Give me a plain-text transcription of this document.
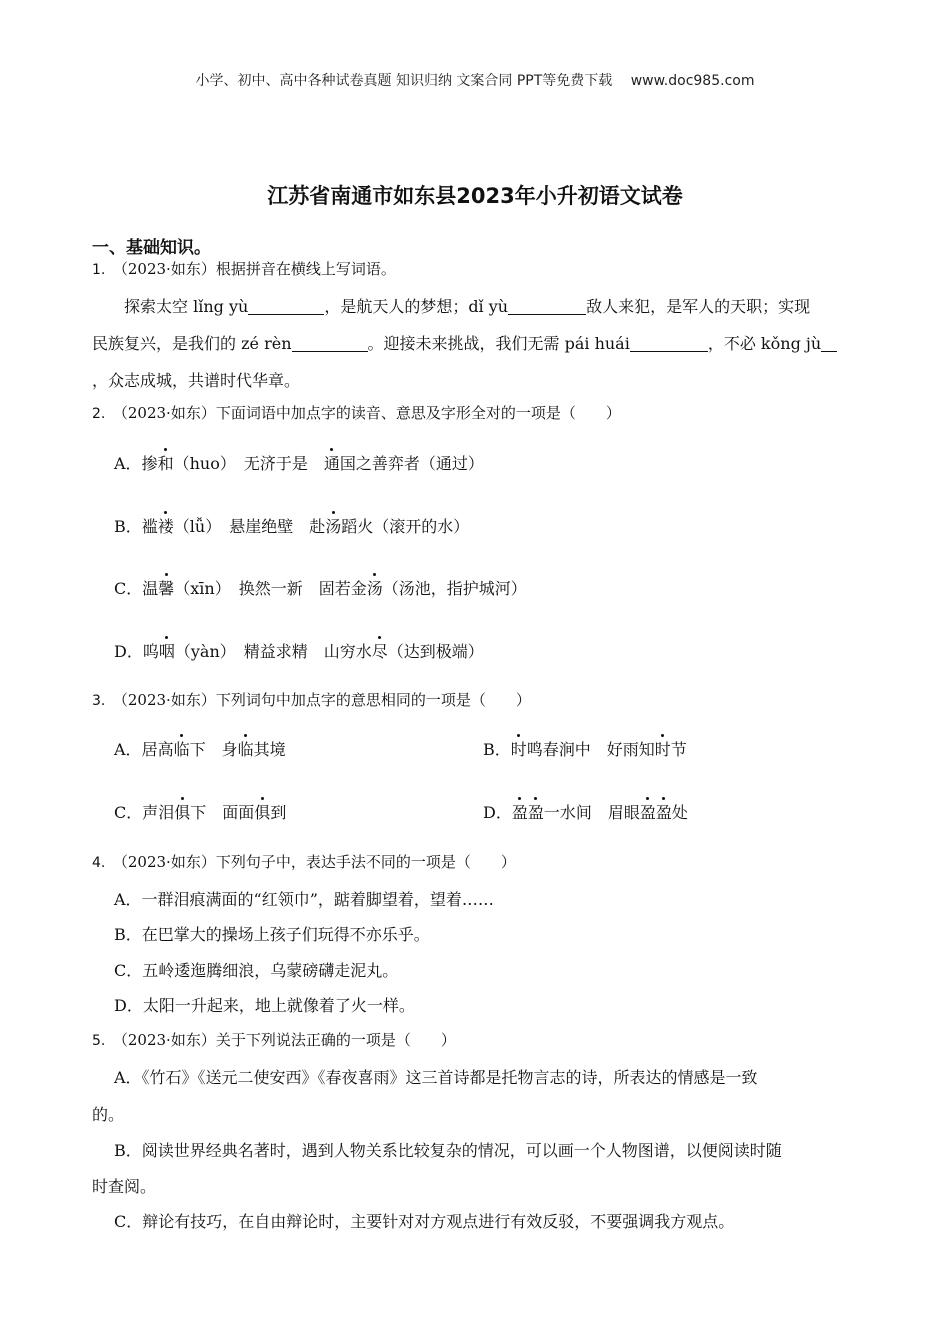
小学、初中、高中各种试卷真题 知识归纳 文案合同 PPT等免费下载　 www.doc985.com
江苏省南通市如东县2023年小升初语文试卷
一、基础知识。
1.　 （2023·如东）根据拼音在横线上写词语。
探索太空 lǐng yù	，是航天人的梦想；dǐ yù	敌人来犯，是军人的天职；实现
民族复兴，是我们的 zé rèn	。迎接未来挑战，我们无需 pái huái	，不必 kǒng jù
，众志成城，共谱时代华章。
2.　 （2023·如东）下面词语中加点字的读音、意思及字形全对的一项是（　　）
A．掺和（huo）　无济于是　通国之善弈者（通过）
B．褴褛（lǚ）　悬崖绝壁　赴汤蹈火（滚开的水）
C．温馨（xīn）　换然一新　固若金汤（汤池，指护城河）
D．呜咽（yàn）　精益求精　山穷水尽（达到极端）
3.　 （2023·如东）下列词句中加点字的意思相同的一项是（　　）
A．居高临下　身临其境	B．时鸣春涧中　好雨知时节
C．声泪俱下　面面俱到	D．盈盈一水间　眉眼盈盈处
4.　 （2023·如东）下列句子中，表达手法不同的一项是（　　）
A．一群泪痕满面的“红领巾”，踮着脚望着，望着……
B．在巴掌大的操场上孩子们玩得不亦乐乎。
C．五岭逶迤腾细浪，乌蒙磅礴走泥丸。
D．太阳一升起来，地上就像着了火一样。
5.　 （2023·如东）关于下列说法正确的一项是（　　）
A．《竹石》《送元二使安西》《春夜喜雨》这三首诗都是托物言志的诗，所表达的情感是一致
的。
B．阅读世界经典名著时，遇到人物关系比较复杂的情况，可以画一个人物图谱，以便阅读时随
时查阅。
C．辩论有技巧，在自由辩论时，主要针对对方观点进行有效反驳，不要强调我方观点。
